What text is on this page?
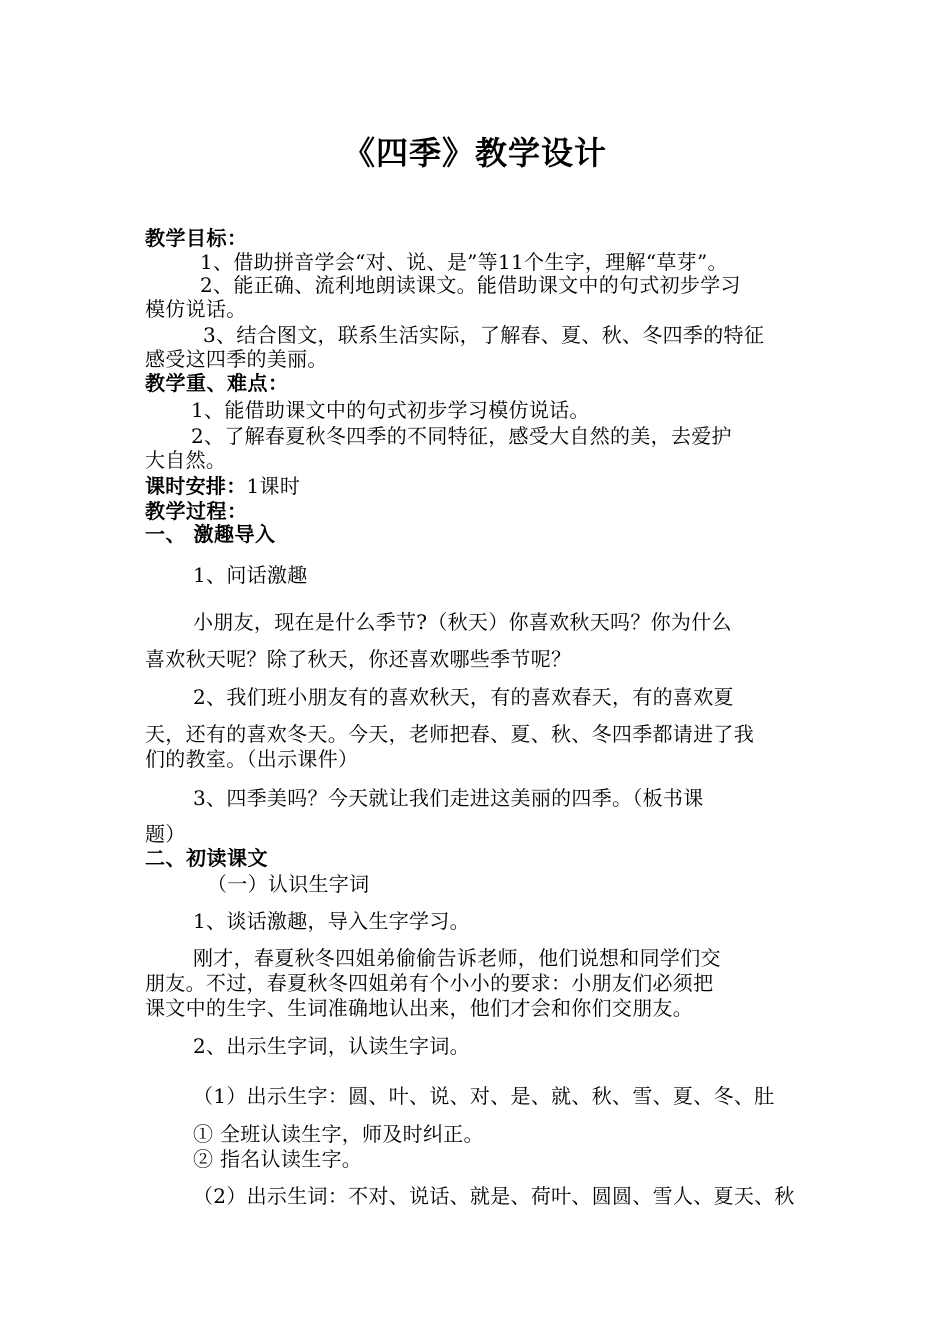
《四季》教学设计
教学目标：
1、借助拼音学会“对、说、是”等11个生字，理解“草芽”。
2、能正确、流利地朗读课文。能借助课文中的句式初步学习
模仿说话。
3、结合图文，联系生活实际，了解春、夏、秋、冬四季的特征
感受这四季的美丽。
教学重、难点：
1、能借助课文中的句式初步学习模仿说话。
2、了解春夏秋冬四季的不同特征，感受大自然的美，去爱护
大自然。
课时安排：1课时
教学过程：
一、 激趣导入
1、问话激趣
小朋友，现在是什么季节?（秋天）你喜欢秋天吗？你为什么
喜欢秋天呢？除了秋天，你还喜欢哪些季节呢？
2、我们班小朋友有的喜欢秋天，有的喜欢春天，有的喜欢夏
天，还有的喜欢冬天。今天，老师把春、夏、秋、冬四季都请进了我
们的教室。（出示课件）
3、四季美吗？今天就让我们走进这美丽的四季。（板书课
题）
二、初读课文
（一）认识生字词
1、谈话激趣，导入生字学习。
刚才，春夏秋冬四姐弟偷偷告诉老师，他们说想和同学们交
朋友。不过，春夏秋冬四姐弟有个小小的要求：小朋友们必须把
课文中的生字、生词准确地认出来，他们才会和你们交朋友。
2、出示生字词，认读生字词。
（1）出示生字：圆、叶、说、对、是、就、秋、雪、夏、冬、肚
① 全班认读生字，师及时纠正。
② 指名认读生字。
（2）出示生词：不对、说话、就是、荷叶、圆圆、雪人、夏天、秋
